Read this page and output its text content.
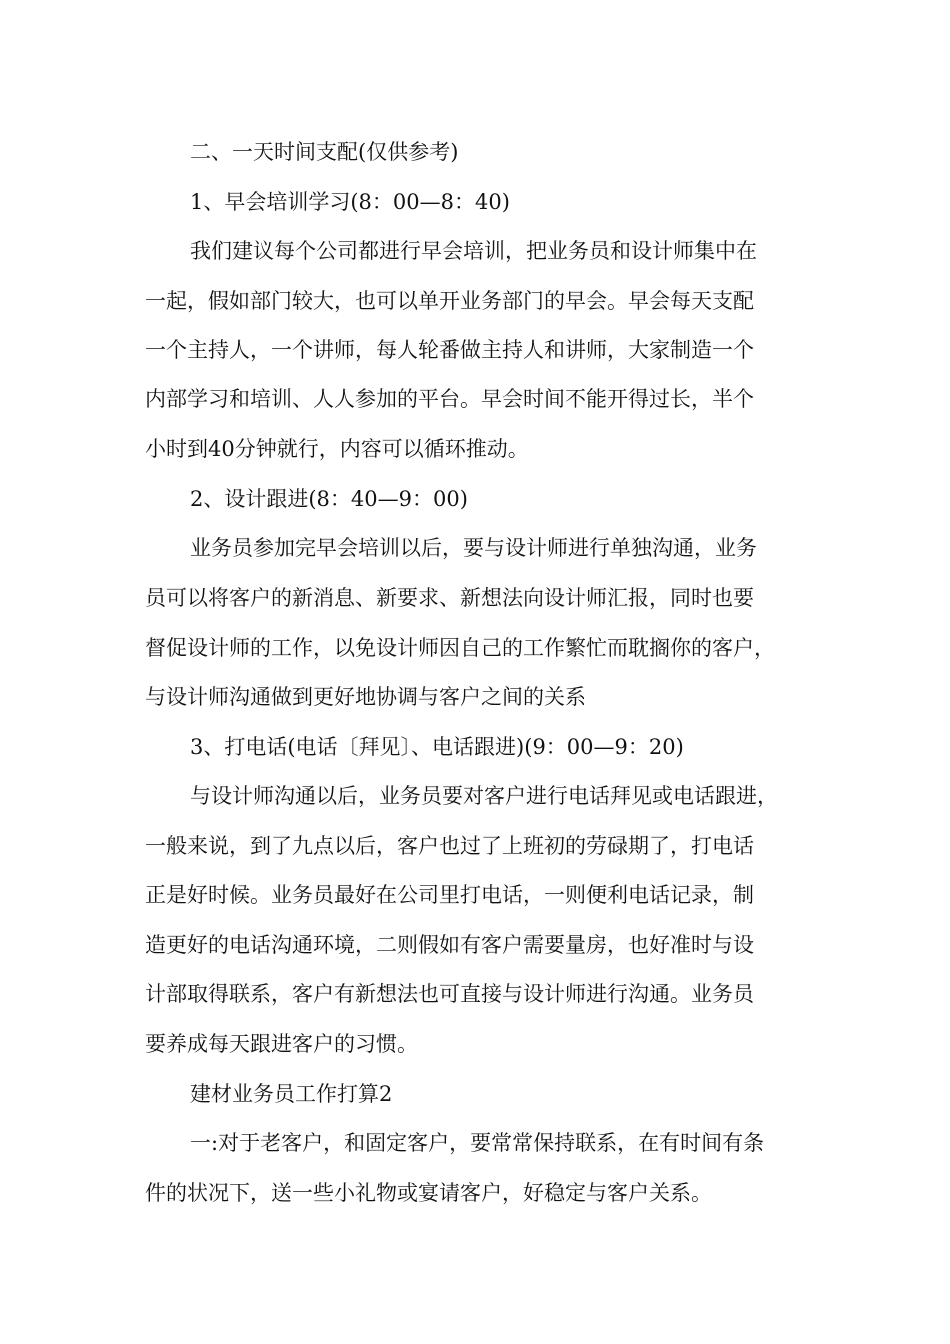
二、一天时间支配(仅供参考)
1、早会培训学习(8：00—8：40)
我们建议每个公司都进行早会培训，把业务员和设计师集中在
一起，假如部门较大，也可以单开业务部门的早会。早会每天支配
一个主持人，一个讲师，每人轮番做主持人和讲师，大家制造一个
内部学习和培训、人人参加的平台。早会时间不能开得过长，半个
小时到40分钟就行，内容可以循环推动。
2、设计跟进(8：40—9：00)
业务员参加完早会培训以后，要与设计师进行单独沟通，业务
员可以将客户的新消息、新要求、新想法向设计师汇报，同时也要
督促设计师的工作，以免设计师因自己的工作繁忙而耽搁你的客户，
与设计师沟通做到更好地协调与客户之间的关系
3、打电话(电话〔拜见〕、电话跟进)(9：00—9：20)
与设计师沟通以后，业务员要对客户进行电话拜见或电话跟进，
一般来说，到了九点以后，客户也过了上班初的劳碌期了，打电话
正是好时候。业务员最好在公司里打电话，一则便利电话记录，制
造更好的电话沟通环境，二则假如有客户需要量房，也好准时与设
计部取得联系，客户有新想法也可直接与设计师进行沟通。业务员
要养成每天跟进客户的习惯。
建材业务员工作打算2
一:对于老客户，和固定客户，要常常保持联系，在有时间有条
件的状况下，送一些小礼物或宴请客户，好稳定与客户关系。
